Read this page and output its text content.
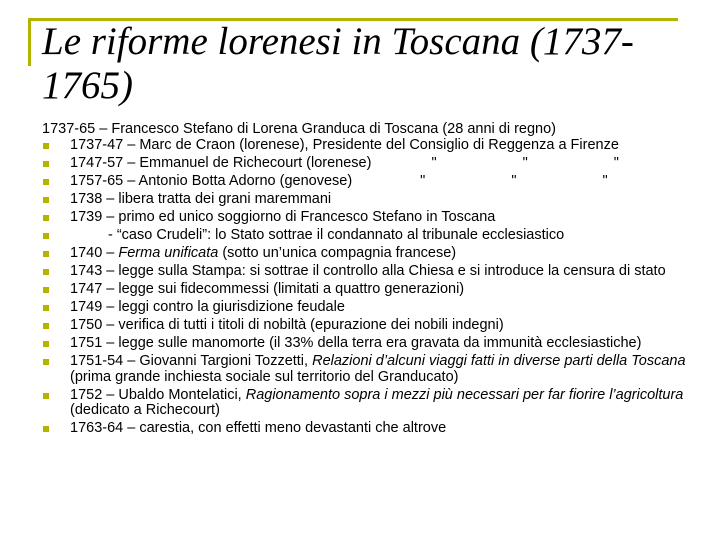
Le riforme lorenesi in Toscana (1737-1765)

1737-65 – Francesco Stefano di Lorena Granduca di Toscana (28 anni di regno)

1737-47 – Marc de Craon (lorenese), Presidente del Consiglio di Reggenza a Firenze
1747-57 – Emmanuel de Richecourt (lorenese)	"	"	"
1757-65 – Antonio Botta Adorno (genovese)	"	"	"
1738 – libera tratta dei grani maremmani
1739 – primo ed unico soggiorno di Francesco Stefano in Toscana
- “caso Crudeli”: lo Stato sottrae il condannato al tribunale ecclesiastico
1740 – Ferma unificata (sotto un’unica compagnia francese)
1743 – legge sulla Stampa: si sottrae il controllo alla Chiesa e si introduce la censura di stato
1747 – legge sui fidecommessi (limitati a quattro generazioni)
1749 – leggi contro la giurisdizione feudale
1750 – verifica di tutti i titoli di nobiltà (epurazione dei nobili indegni)
1751 – legge sulle manomorte (il 33% della terra era gravata da immunità ecclesiastiche)
1751-54 – Giovanni Targioni Tozzetti, Relazioni d’alcuni viaggi fatti in diverse parti della Toscana (prima grande inchiesta sociale sul territorio del Granducato)
1752 – Ubaldo Montelatici, Ragionamento sopra i mezzi più necessari per far fiorire l’agricoltura (dedicato a Richecourt)
1763-64 – carestia, con effetti meno devastanti che altrove
